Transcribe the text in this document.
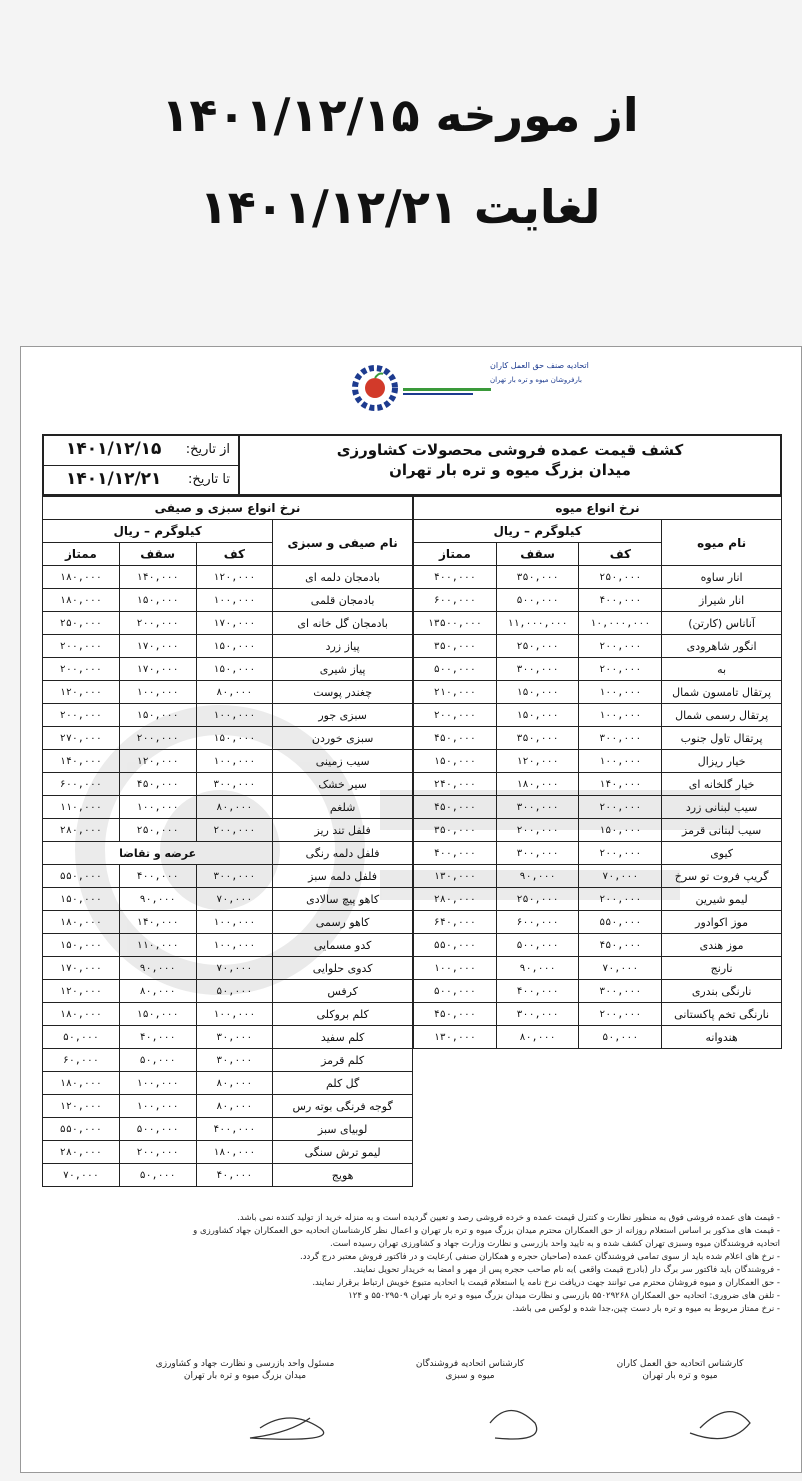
از مورخه ۱۴۰۱/۱۲/۱۵
لغایت ۱۴۰۱/۱۲/۲۱
اتحادیه صنف حق العمل کاران
بارفروشان میوه و تره بار تهران
کشف قیمت عمده فروشی محصولات کشاورزی
میدان بزرگ میوه و تره بار تهران
از تاریخ:
۱۴۰۱/۱۲/۱۵
تا تاریخ:
۱۴۰۱/۱۲/۲۱
نرخ انواع میوه			
نام میوه	کیلوگرم – ریال		
	کف	سقف	ممتاز
انار ساوه	۲۵۰,۰۰۰	۳۵۰,۰۰۰	۴۰۰,۰۰۰
انار شیراز	۴۰۰,۰۰۰	۵۰۰,۰۰۰	۶۰۰,۰۰۰
آناناس (کارتن)	۱۰,۰۰۰,۰۰۰	۱۱,۰۰۰,۰۰۰	۱۳۵۰۰,۰۰۰
انگور شاهرودی	۲۰۰,۰۰۰	۲۵۰,۰۰۰	۳۵۰,۰۰۰
به	۲۰۰,۰۰۰	۳۰۰,۰۰۰	۵۰۰,۰۰۰
پرتقال تامسون شمال	۱۰۰,۰۰۰	۱۵۰,۰۰۰	۲۱۰,۰۰۰
پرتقال رسمی شمال	۱۰۰,۰۰۰	۱۵۰,۰۰۰	۲۰۰,۰۰۰
پرتقال تاول جنوب	۳۰۰,۰۰۰	۳۵۰,۰۰۰	۴۵۰,۰۰۰
خیار ریزال	۱۰۰,۰۰۰	۱۲۰,۰۰۰	۱۵۰,۰۰۰
خیار گلخانه ای	۱۴۰,۰۰۰	۱۸۰,۰۰۰	۲۴۰,۰۰۰
سیب لبنانی زرد	۲۰۰,۰۰۰	۳۰۰,۰۰۰	۴۵۰,۰۰۰
سیب لبنانی قرمز	۱۵۰,۰۰۰	۲۰۰,۰۰۰	۳۵۰,۰۰۰
کیوی	۲۰۰,۰۰۰	۳۰۰,۰۰۰	۴۰۰,۰۰۰
گریپ فروت تو سرخ	۷۰,۰۰۰	۹۰,۰۰۰	۱۳۰,۰۰۰
لیمو شیرین	۲۰۰,۰۰۰	۲۵۰,۰۰۰	۲۸۰,۰۰۰
موز اکوادور	۵۵۰,۰۰۰	۶۰۰,۰۰۰	۶۴۰,۰۰۰
موز هندی	۴۵۰,۰۰۰	۵۰۰,۰۰۰	۵۵۰,۰۰۰
نارنج	۷۰,۰۰۰	۹۰,۰۰۰	۱۰۰,۰۰۰
نارنگی بندری	۳۰۰,۰۰۰	۴۰۰,۰۰۰	۵۰۰,۰۰۰
نارنگی تخم پاکستانی	۲۰۰,۰۰۰	۳۰۰,۰۰۰	۴۵۰,۰۰۰
هندوانه	۵۰,۰۰۰	۸۰,۰۰۰	۱۳۰,۰۰۰
نرخ انواع سبزی و صیفی			
نام صیفی و سبزی	کیلوگرم – ریال		
	کف	سقف	ممتاز
بادمجان دلمه ای	۱۲۰,۰۰۰	۱۴۰,۰۰۰	۱۸۰,۰۰۰
بادمجان قلمی	۱۰۰,۰۰۰	۱۵۰,۰۰۰	۱۸۰,۰۰۰
بادمجان گل خانه ای	۱۷۰,۰۰۰	۲۰۰,۰۰۰	۲۵۰,۰۰۰
پیاز زرد	۱۵۰,۰۰۰	۱۷۰,۰۰۰	۲۰۰,۰۰۰
پیاز شیری	۱۵۰,۰۰۰	۱۷۰,۰۰۰	۲۰۰,۰۰۰
چغندر پوست	۸۰,۰۰۰	۱۰۰,۰۰۰	۱۲۰,۰۰۰
سبزی جور	۱۰۰,۰۰۰	۱۵۰,۰۰۰	۲۰۰,۰۰۰
سبزی خوردن	۱۵۰,۰۰۰	۲۰۰,۰۰۰	۲۷۰,۰۰۰
سیب زمینی	۱۰۰,۰۰۰	۱۲۰,۰۰۰	۱۴۰,۰۰۰
سیر خشک	۳۰۰,۰۰۰	۴۵۰,۰۰۰	۶۰۰,۰۰۰
شلغم	۸۰,۰۰۰	۱۰۰,۰۰۰	۱۱۰,۰۰۰
فلفل تند ریز	۲۰۰,۰۰۰	۲۵۰,۰۰۰	۲۸۰,۰۰۰
فلفل دلمه رنگی	عرضه و تقاضا		
فلفل دلمه سبز	۳۰۰,۰۰۰	۴۰۰,۰۰۰	۵۵۰,۰۰۰
کاهو پیچ سالادی	۷۰,۰۰۰	۹۰,۰۰۰	۱۵۰,۰۰۰
کاهو رسمی	۱۰۰,۰۰۰	۱۴۰,۰۰۰	۱۸۰,۰۰۰
کدو مسمایی	۱۰۰,۰۰۰	۱۱۰,۰۰۰	۱۵۰,۰۰۰
کدوی حلوایی	۷۰,۰۰۰	۹۰,۰۰۰	۱۷۰,۰۰۰
کرفس	۵۰,۰۰۰	۸۰,۰۰۰	۱۲۰,۰۰۰
کلم بروکلی	۱۰۰,۰۰۰	۱۵۰,۰۰۰	۱۸۰,۰۰۰
کلم سفید	۳۰,۰۰۰	۴۰,۰۰۰	۵۰,۰۰۰
کلم قرمز	۳۰,۰۰۰	۵۰,۰۰۰	۶۰,۰۰۰
گل کلم	۸۰,۰۰۰	۱۰۰,۰۰۰	۱۸۰,۰۰۰
گوجه فرنگی بوته رس	۸۰,۰۰۰	۱۰۰,۰۰۰	۱۲۰,۰۰۰
لوبیای سبز	۴۰۰,۰۰۰	۵۰۰,۰۰۰	۵۵۰,۰۰۰
لیمو ترش سنگی	۱۸۰,۰۰۰	۲۰۰,۰۰۰	۲۸۰,۰۰۰
هویج	۴۰,۰۰۰	۵۰,۰۰۰	۷۰,۰۰۰
- قیمت های عمده فروشی فوق به منظور نظارت و کنترل قیمت عمده و خرده فروشی رصد و تعیین گردیده است و به منزله خرید از تولید کننده نمی باشد.
- قیمت های مذکور بر اساس استعلام روزانه از حق العمکاران محترم میدان بزرگ میوه و تره بار تهران و اعمال نظر کارشناسان اتحادیه حق العمکاران جهاد کشاورزی و
اتحادیه فروشندگان میوه وسبزی تهران کشف شده و به تایید واحد بازرسی و نظارت وزارت جهاد و کشاورزی تهران رسیده است.
- نرخ های اعلام شده باید از سوی تمامی فروشندگان عمده (صاحبان حجره و همکاران صنفی )رعایت و در فاکتور فروش معتبر درج گردد.
- فروشندگان باید فاکتور سر برگ دار (بادرج قیمت واقعی )به نام صاحب حجره پس از مهر و امضا به خریدار تحویل نمایند.
- حق العمکاران و میوه فروشان محترم می توانند جهت دریافت نرخ نامه یا استعلام قیمت با اتحادیه متبوع خویش ارتباط برقرار نمایند.
- تلفن های ضروری: اتحادیه حق العمکاران ۵۵۰۲۹۲۶۸ بازرسی و نظارت میدان بزرگ میوه و تره بار تهران ۵۵۰۲۹۵۰۹ و ۱۲۴
- نرخ ممتاز مربوط به میوه و تره بار دست چین،جدا شده و لوکس می باشد.
کارشناس اتحادیه حق العمل کاران
میوه و تره بار تهران
کارشناس اتحادیه فروشندگان
میوه و سبزی
مسئول واحد بازرسی و نظارت جهاد و کشاورزی
میدان بزرگ میوه و تره بار تهران
